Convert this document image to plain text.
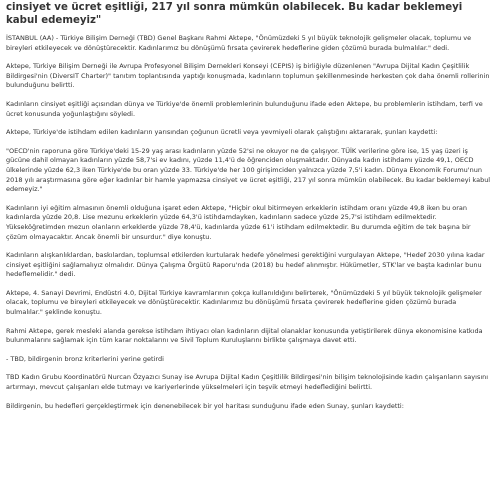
cinsiyet ve ücret eşitliği, 217 yıl sonra mümkün olabilecek. Bu kadar beklemeyi kabul edemeyiz"

İSTANBUL (AA) - Türkiye Bilişim Derneği (TBD) Genel Başkanı Rahmi Aktepe, "Önümüzdeki 5 yıl büyük teknolojik gelişmeler olacak, toplumu ve bireyleri etkileyecek ve dönüştürecektir. Kadınlarımız bu dönüşümü fırsata çevirerek hedeflerine giden çözümü burada bulmalılar." dedi.

Aktepe, Türkiye Bilişim Derneği ile Avrupa Profesyonel Bilişim Dernekleri Konseyi (CEPIS) iş birliğiyle düzenlenen "Avrupa Dijital Kadın Çeşitlilik Bildirgesi'nin (DiversIT Charter)" tanıtım toplantısında yaptığı konuşmada, kadınların toplumun şekillenmesinde herkesten çok daha önemli rollerinin bulunduğunu belirtti.

Kadınların cinsiyet eşitliği açısından dünya ve Türkiye'de önemli problemlerinin bulunduğunu ifade eden Aktepe, bu problemlerin istihdam, terfi ve ücret konusunda yoğunlaştığını söyledi.

Aktepe, Türkiye'de istihdam edilen kadınların yarısından çoğunun ücretli veya yevmiyeli olarak çalıştığını aktararak, şunları kaydetti:

"OECD'nin raporuna göre Türkiye'deki 15-29 yaş arası kadınların yüzde 52'si ne okuyor ne de çalışıyor. TÜİK verilerine göre ise, 15 yaş üzeri iş gücüne dahil olmayan kadınların yüzde 58,7'si ev kadını, yüzde 11,4'ü de öğrenciden oluşmaktadır. Dünyada kadın istihdamı yüzde 49,1, OECD ülkelerinde yüzde 62,3 iken Türkiye'de bu oran yüzde 33. Türkiye'de her 100 girişimciden yalnızca yüzde 7,5'i kadın. Dünya Ekonomik Forumu'nun 2018 yılı araştırmasına göre eğer kadınlar bir hamle yapmazsa cinsiyet ve ücret eşitliği, 217 yıl sonra mümkün olabilecek. Bu kadar beklemeyi kabul edemeyiz."

Kadınların iyi eğitim almasının önemli olduğuna işaret eden Aktepe, "Hiçbir okul bitirmeyen erkeklerin istihdam oranı yüzde 49,8 iken bu oran kadınlarda yüzde 20,8. Lise mezunu erkeklerin yüzde 64,3'ü istihdamdayken, kadınların sadece yüzde 25,7'si istihdam edilmektedir. Yükseköğretimden mezun olanların erkeklerde yüzde 78,4'ü, kadınlarda yüzde 61'i istihdam edilmektedir. Bu durumda eğitim de tek başına bir çözüm olmayacaktır. Ancak önemli bir unsurdur." diye konuştu.

Kadınların alışkanlıklardan, baskılardan, toplumsal etkilerden kurtularak hedefe yönelmesi gerektiğini vurgulayan Aktepe, "Hedef 2030 yılına kadar cinsiyet eşitliğini sağlamalıyız olmalıdır. Dünya Çalışma Örgütü Raporu'nda (2018) bu hedef alınmıştır. Hükümetler, STK'lar ve başta kadınlar bunu hedeflemelidir." dedi.

Aktepe, 4. Sanayi Devrimi, Endüstri 4.0, Dijital Türkiye kavramlarının çokça kullanıldığını belirterek, "Önümüzdeki 5 yıl büyük teknolojik gelişmeler olacak, toplumu ve bireyleri etkileyecek ve dönüştürecektir. Kadınlarımız bu dönüşümü fırsata çevirerek hedeflerine giden çözümü burada bulmalılar." şeklinde konuştu.

Rahmi Aktepe, gerek mesleki alanda gerekse istihdam ihtiyacı olan kadınların dijital olanaklar konusunda yetiştirilerek dünya ekonomisine katkıda bulunmalarını sağlamak için tüm karar noktalarını ve Sivil Toplum Kuruluşlarını birlikte çalışmaya davet etti.

- TBD, bildirgenin bronz kriterlerini yerine getirdi

TBD Kadın Grubu Koordinatörü Nurcan Özyazıcı Sunay ise Avrupa Dijital Kadın Çeşitlilik Bildirgesi'nin bilişim teknolojisinde kadın çalışanların sayısını artırmayı, mevcut çalışanları elde tutmayı ve kariyerlerinde yükselmeleri için teşvik etmeyi hedeflediğini belirtti.

Bildirgenin, bu hedefleri gerçekleştirmek için denenebilecek bir yol haritası sunduğunu ifade eden Sunay, şunları kaydetti:
